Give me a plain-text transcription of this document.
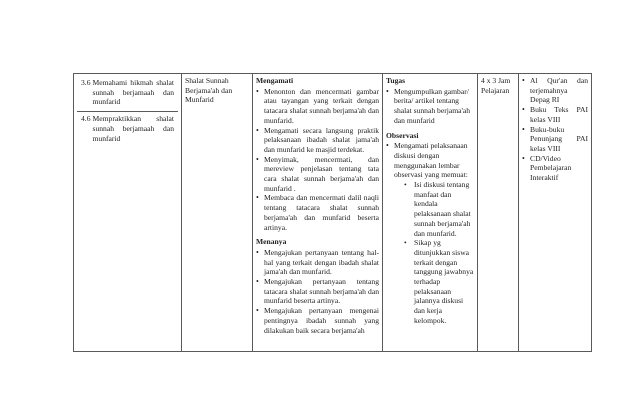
3.6 Memahami hikmah shalat sunnah berjamaah dan munfarid
4.6 Mempraktikkan shalat sunnah berjamaah dan munfarid

Shalat Sunnah Berjama'ah dan Munfarid

Mengamati
• Menonton dan mencermati gambar atau tayangan yang terkait dengan tatacara shalat sunnah berjama'ah dan munfarid.
• Mengamati secara langsung praktik pelaksanaan ibadah shalat jama'ah dan munfarid ke masjid terdekat.
• Menyimak, mencermati, dan mereview penjelasan tentang tata cara shalat sunnah berjama'ah dan munfarid .
• Membaca dan mencermati dalil naqli tentang tatacara shalat sunnah berjama'ah dan munfarid beserta artinya.
Menanya
• Mengajukan pertanyaan tentang hal-hal yang terkait dengan ibadah shalat jama'ah dan munfarid.
• Mengajukan pertanyaan tentang tatacara shalat sunnah berjama'ah dan munfarid beserta artinya.
• Mengajukan pertanyaan mengenai pentingnya ibadah sunnah yang dilakukan baik secara berjama'ah

Tugas
• Mengumpulkan gambar/ berita/ artikel tentang shalat sunnah berjama'ah dan munfarid
Observasi
• Mengamati pelaksanaan diskusi dengan menggunakan lembar observasi yang memuat:
• Isi diskusi tentang manfaat dan kendala pelaksanaan shalat sunnah berjama'ah dan munfarid.
• Sikap yg ditunjukkan siswa terkait dengan tanggung jawabnya terhadap pelaksanaan jalannya diskusi dan kerja kelompok.

4 x 3 Jam Pelajaran

• Al Qur'an dan terjemahnya Depag RI
• Buku Teks PAI kelas VIII
• Buku-buku Penunjang PAI kelas VIII
• CD/Video Pembelajaran Interaktif
